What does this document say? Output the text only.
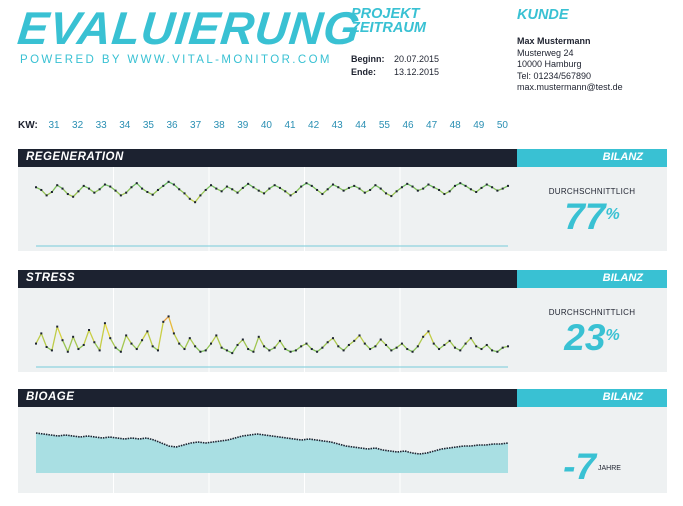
EVALUIERUNG
POWERED BY WWW.VITAL-MONITOR.COM
PROJEKT
ZEITRAUM
Beginn:	20.07.2015
Ende:	13.12.2015
KUNDE
Max Mustermann
Musterweg 24
10000 Hamburg
Tel: 01234/567890
max.mustermann@test.de
KW:	31	32	33	34	35	36	37	38	39	40	41	42	43	44	55	46	47	48	49	50
REGENERATION	BILANZ
DURCHSCHNITTLICH
77%
STRESS	BILANZ
DURCHSCHNITTLICH
23%
BIOAGE	BILANZ
-7 JAHRE
